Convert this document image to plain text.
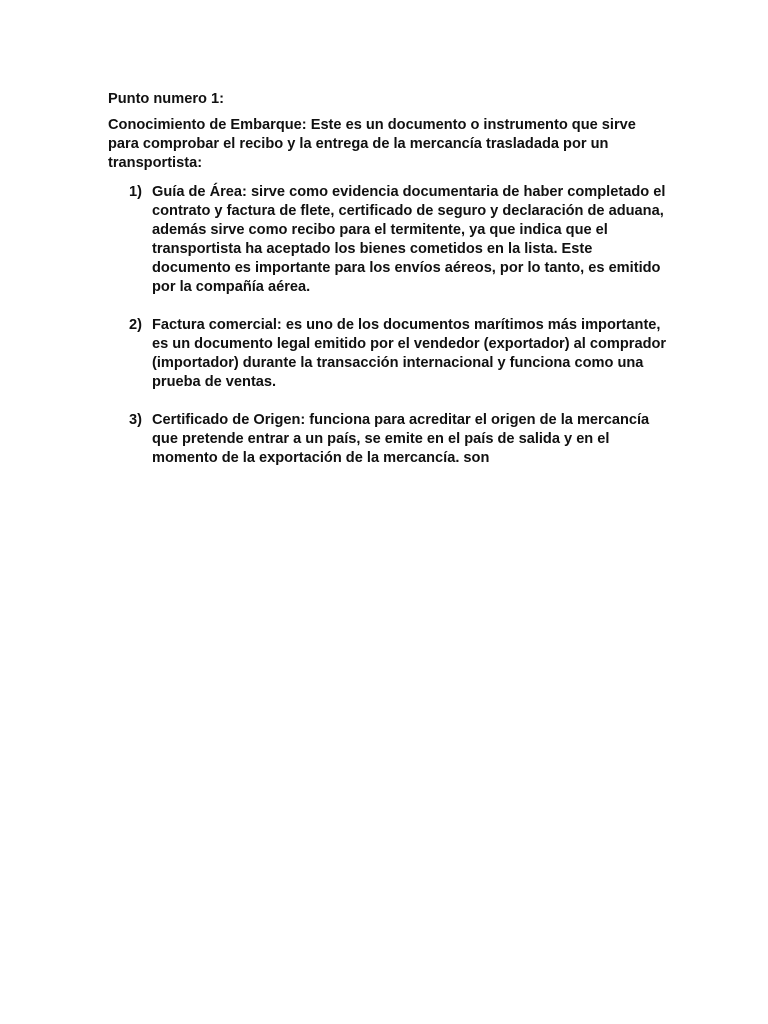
Punto numero 1:

Conocimiento de Embarque: Este es un documento o instrumento que sirve para comprobar el recibo y la entrega de la mercancía trasladada por un transportista:

1) Guía de Área: sirve como evidencia documentaria de haber completado el contrato y factura de flete, certificado de seguro y declaración de aduana, además sirve como recibo para el termitente, ya que indica que el transportista ha aceptado los bienes cometidos en la lista. Este documento es importante para los envíos aéreos, por lo tanto, es emitido por la compañía aérea.
2) Factura comercial: es uno de los documentos marítimos más importante, es un documento legal emitido por el vendedor (exportador) al comprador (importador) durante la transacción internacional y funciona como una prueba de ventas.
3) Certificado de Origen: funciona para acreditar el origen de la mercancía que pretende entrar a un país, se emite en el país de salida y en el momento de la exportación de la mercancía. son
